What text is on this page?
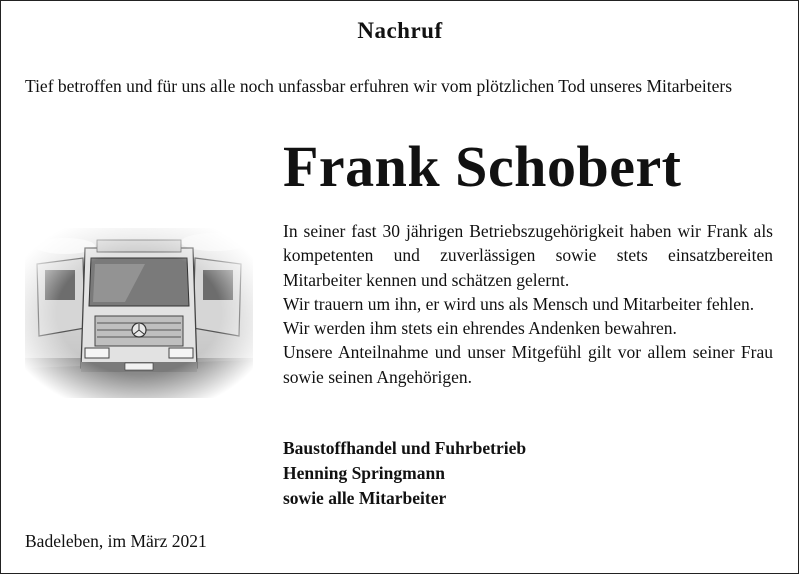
Nachruf
Tief betroffen und für uns alle noch unfassbar erfuhren wir vom plötzlichen Tod unseres Mitarbeiters
Frank Schobert

In seiner fast 30 jährigen Betriebszugehörigkeit haben wir Frank als kompetenten und zuverlässigen sowie stets einsatzbereiten Mitarbeiter kennen und schätzen gelernt.

Wir trauern um ihn, er wird uns als Mensch und Mitarbeiter fehlen.

Wir werden ihm stets ein ehrendes Andenken bewahren.

Unsere Anteilnahme und unser Mitgefühl gilt vor allem seiner Frau sowie seinen Angehörigen.

Baustoffhandel und Fuhrbetrieb
Henning Springmann
sowie alle Mitarbeiter
Badeleben, im März 2021
